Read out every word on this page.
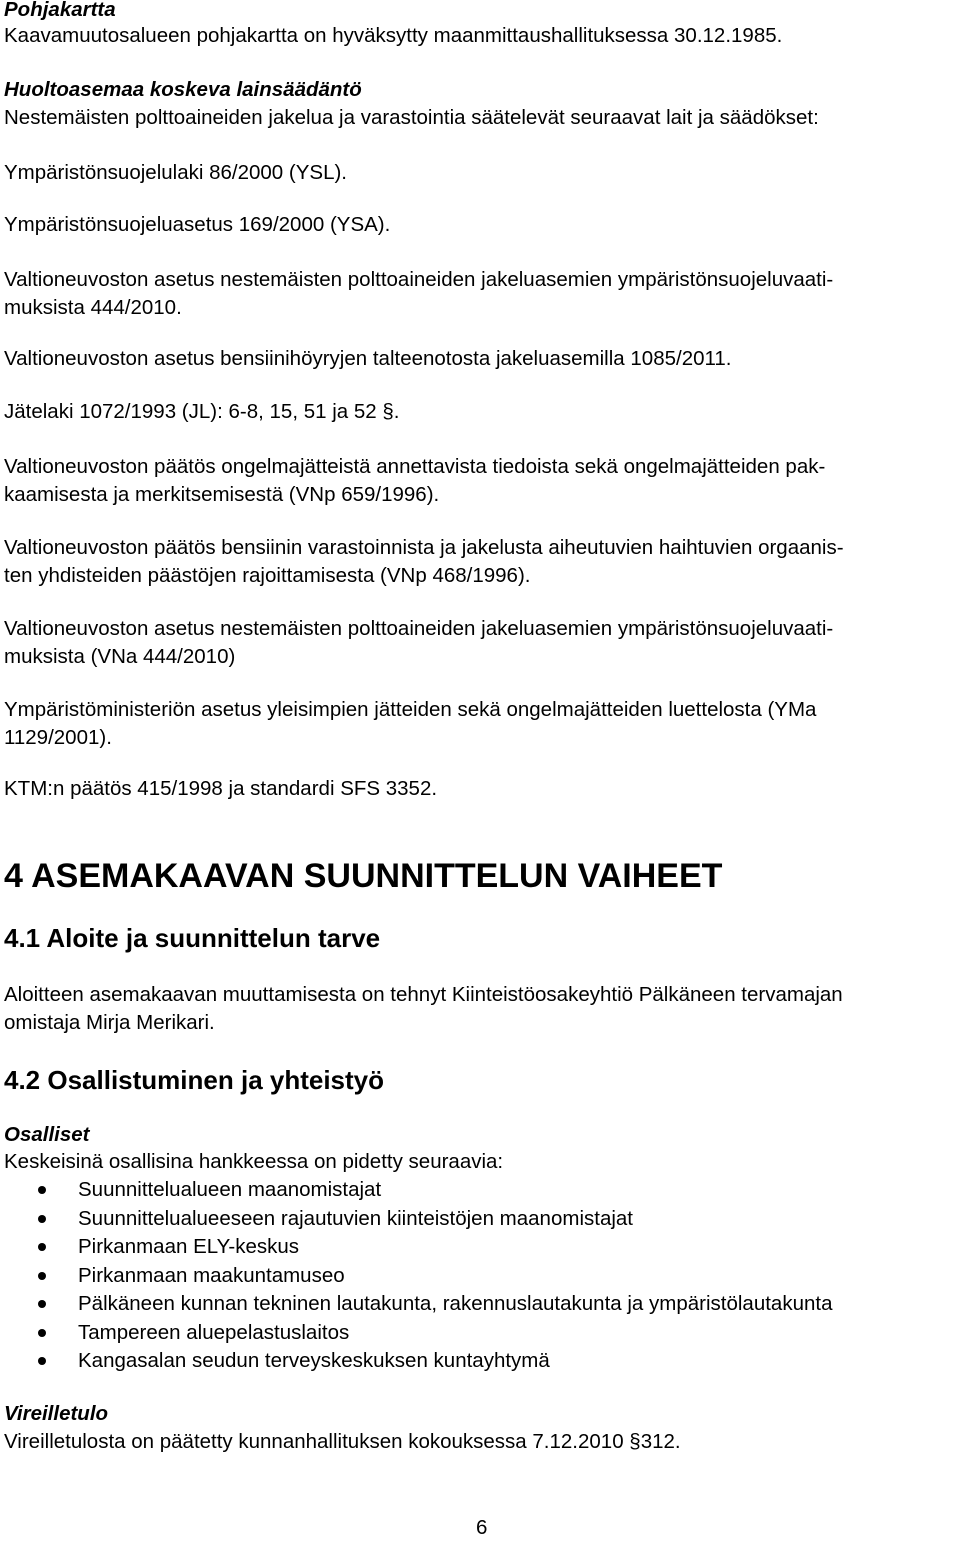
Pohjakartta

Kaavamuutosalueen pohjakartta on hyväksytty maanmittaushallituksessa 30.12.1985.

Huoltoasemaa koskeva lainsäädäntö

Nestemäisten polttoaineiden jakelua ja varastointia säätelevät seuraavat lait ja säädökset:

Ympäristönsuojelulaki 86/2000 (YSL).

Ympäristönsuojeluasetus 169/2000 (YSA).

Valtioneuvoston asetus nestemäisten polttoaineiden jakeluasemien ympäristönsuojeluvaati-

muksista 444/2010.

Valtioneuvoston asetus bensiinihöyryjen talteenotosta jakeluasemilla 1085/2011.

Jätelaki 1072/1993 (JL): 6-8, 15, 51 ja 52 §.

Valtioneuvoston päätös ongelmajätteistä annettavista tiedoista sekä ongelmajätteiden pak-

kaamisesta ja merkitsemisestä (VNp 659/1996).

Valtioneuvoston päätös bensiinin varastoinnista ja jakelusta aiheutuvien haihtuvien orgaanis-

ten yhdisteiden päästöjen rajoittamisesta (VNp 468/1996).

Valtioneuvoston asetus nestemäisten polttoaineiden jakeluasemien ympäristönsuojeluvaati-

muksista (VNa 444/2010)

Ympäristöministeriön asetus yleisimpien jätteiden sekä ongelmajätteiden luettelosta (YMa

1129/2001).

KTM:n päätös 415/1998 ja standardi SFS 3352.

4 ASEMAKAAVAN SUUNNITTELUN VAIHEET
4.1 Aloite ja suunnittelun tarve

Aloitteen asemakaavan muuttamisesta on tehnyt Kiinteistöosakeyhtiö Pälkäneen tervamajan

omistaja Mirja Merikari.

4.2 Osallistuminen ja yhteistyö

Osalliset

Keskeisinä osallisina hankkeessa on pidetty seuraavia:

Suunnittelualueen maanomistajat
Suunnittelualueeseen rajautuvien kiinteistöjen maanomistajat
Pirkanmaan ELY-keskus
Pirkanmaan maakuntamuseo
Pälkäneen kunnan tekninen lautakunta, rakennuslautakunta ja ympäristölautakunta
Tampereen aluepelastuslaitos
Kangasalan seudun terveyskeskuksen kuntayhtymä

Vireilletulo

Vireilletulosta on päätetty kunnanhallituksen kokouksessa 7.12.2010 §312.

6
